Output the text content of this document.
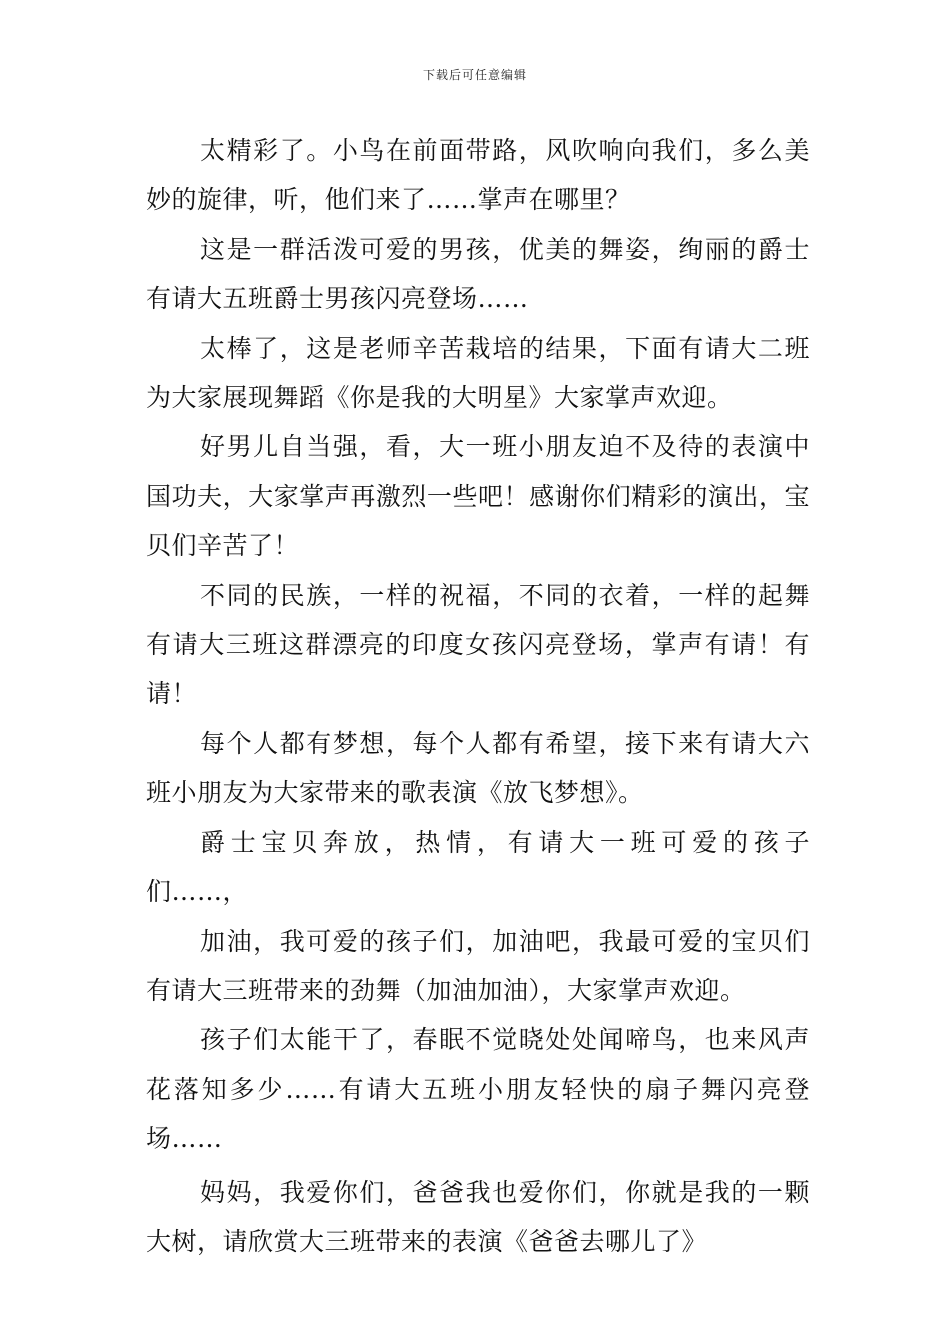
下载后可任意编辑

太精彩了。小鸟在前面带路，风吹响向我们，多么美妙的旋律，听，他们来了……掌声在哪里？

这是一群活泼可爱的男孩，优美的舞姿，绚丽的爵士有请大五班爵士男孩闪亮登场……

太棒了，这是老师辛苦栽培的结果，下面有请大二班为大家展现舞蹈《你是我的大明星》大家掌声欢迎。

好男儿自当强，看，大一班小朋友迫不及待的表演中国功夫，大家掌声再激烈一些吧！感谢你们精彩的演出，宝贝们辛苦了！

不同的民族，一样的祝福，不同的衣着，一样的起舞有请大三班这群漂亮的印度女孩闪亮登场，掌声有请！有请！

每个人都有梦想，每个人都有希望，接下来有请大六班小朋友为大家带来的歌表演《放飞梦想》。

爵士宝贝奔放，热情，有请大一班可爱的孩子们……，

加油，我可爱的孩子们，加油吧，我最可爱的宝贝们有请大三班带来的劲舞（加油加油），大家掌声欢迎。

孩子们太能干了，春眠不觉晓处处闻啼鸟，也来风声花落知多少……有请大五班小朋友轻快的扇子舞闪亮登场……

妈妈，我爱你们，爸爸我也爱你们，你就是我的一颗大树，请欣赏大三班带来的表演《爸爸去哪儿了》
